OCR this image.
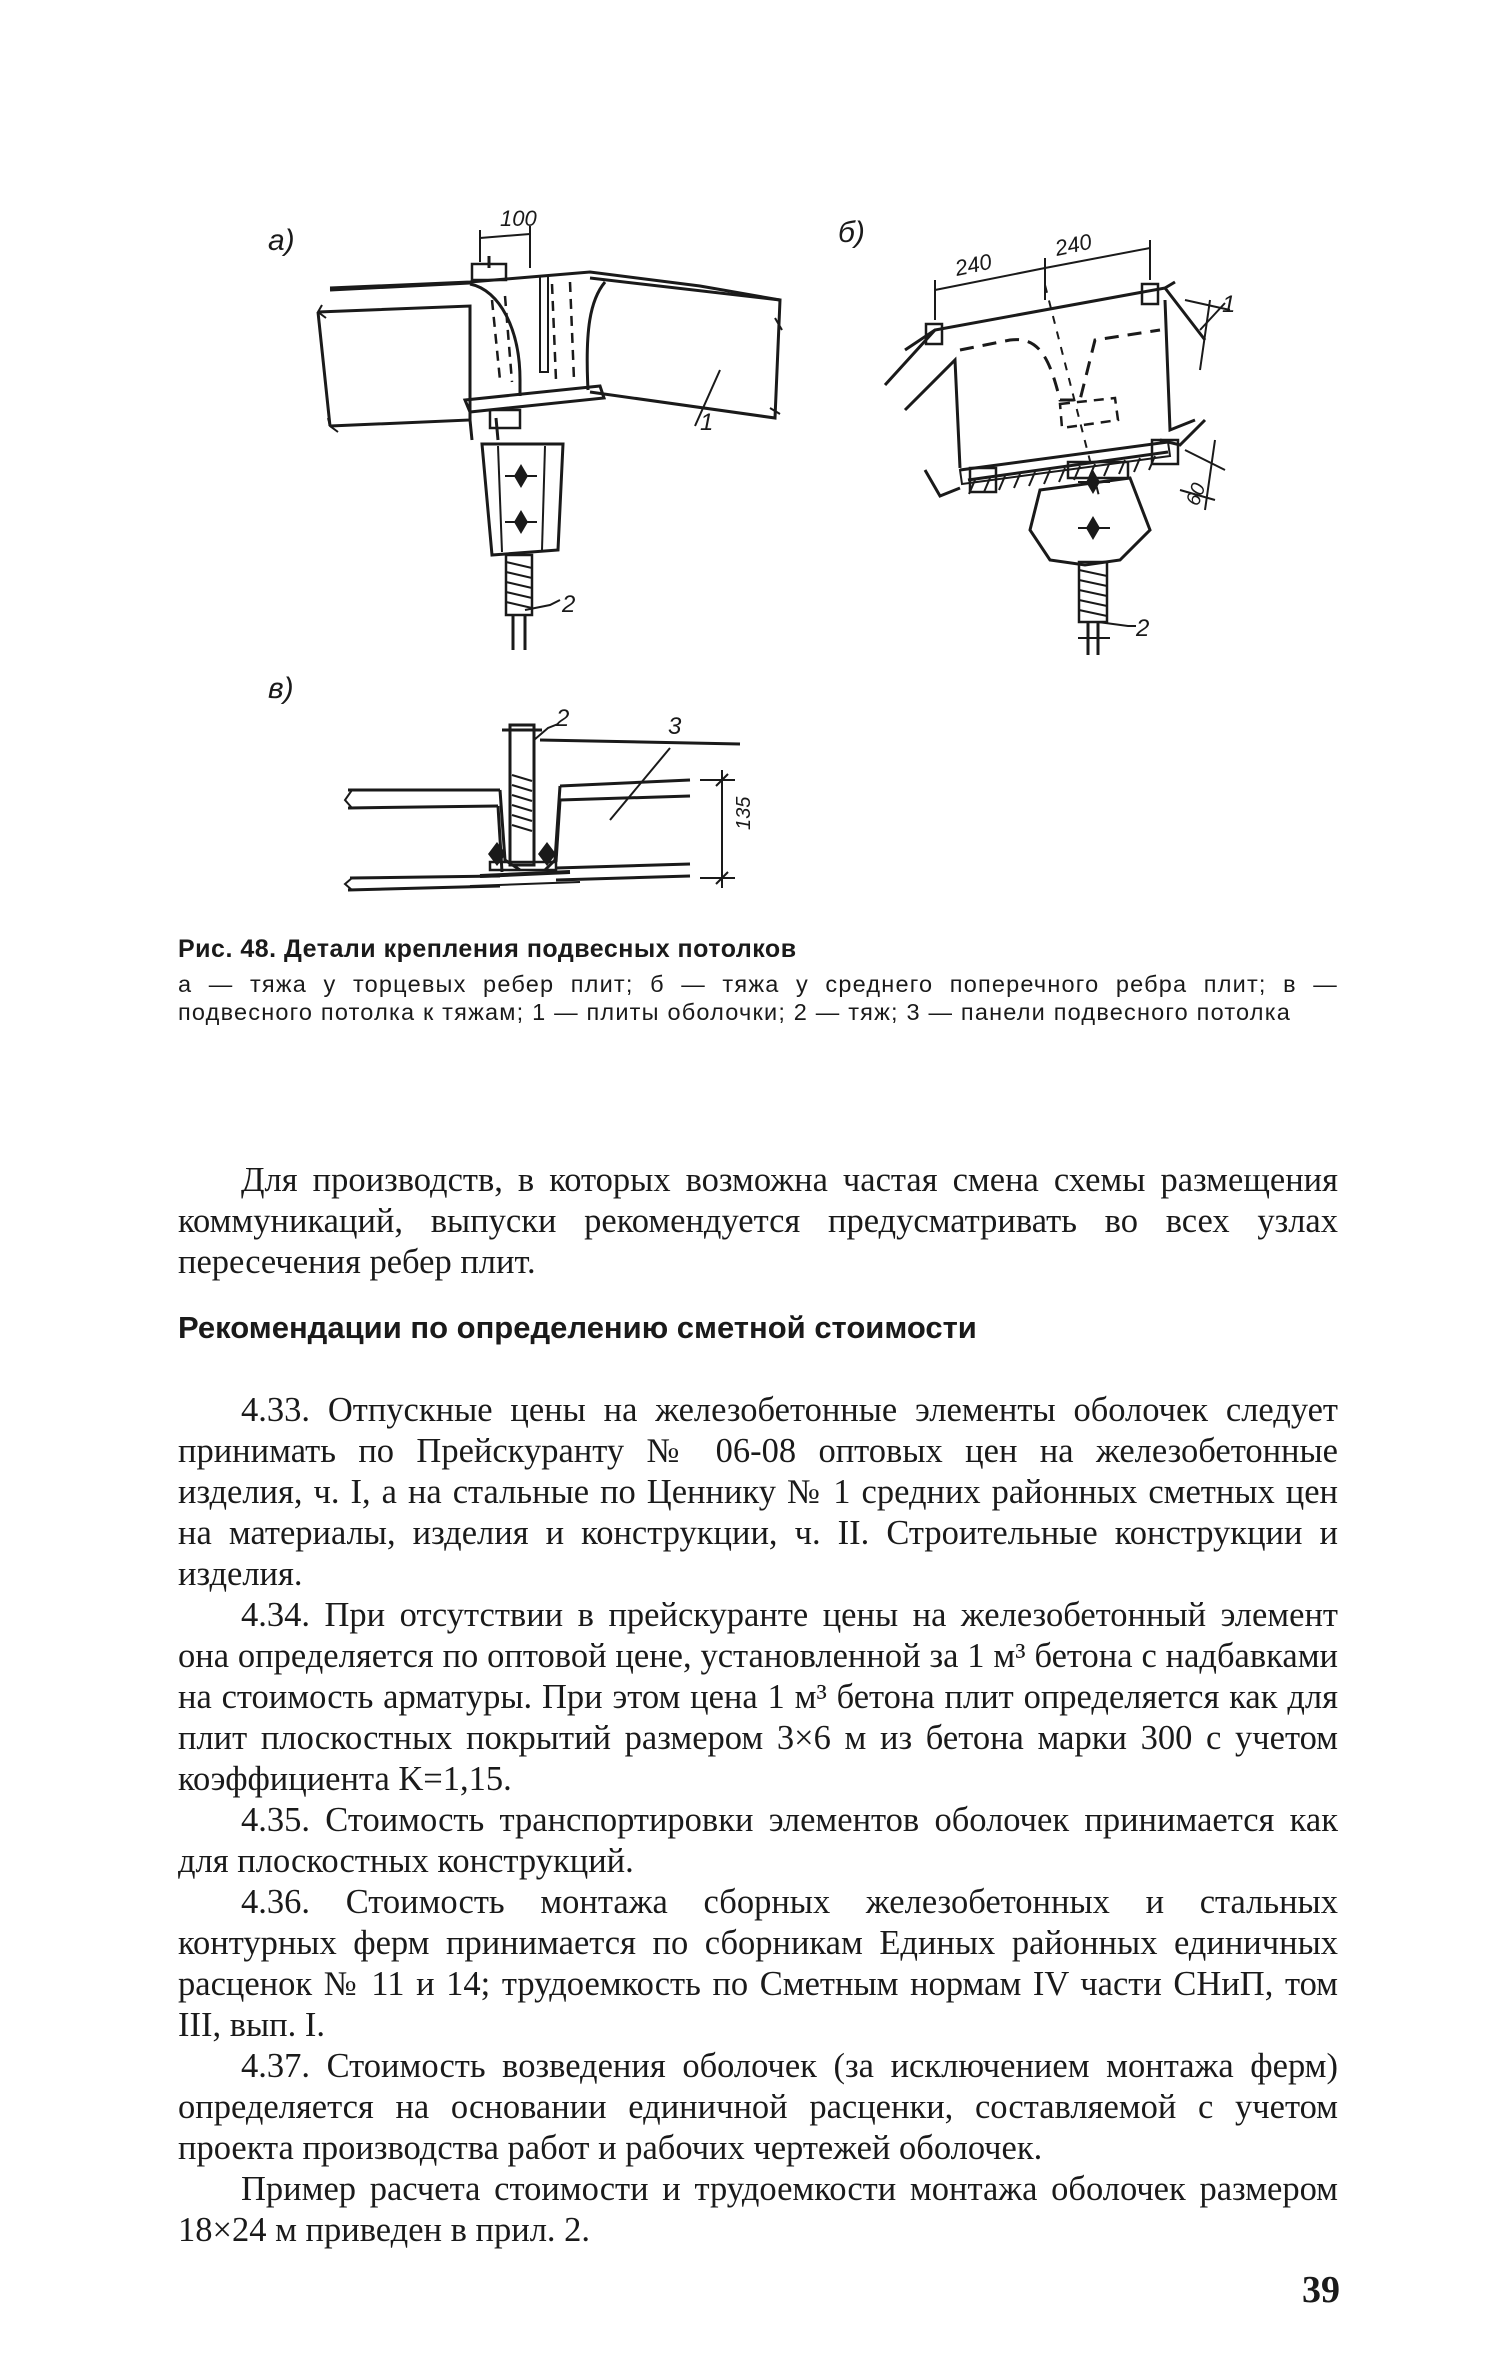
а)
100
1
2
б)
240
240
1
60
2
в)
2	3
135

Рис. 48. Детали крепления подвесных потолков

а — тяжа у торцевых ребер плит; б — тяжа у среднего поперечного ребра плит; в — подвесного потолка к тяжам; 1 — плиты оболочки; 2 — тяж; 3 — панели подвесного потолка

Для производств, в которых возможна частая смена схемы размещения коммуникаций, выпуски рекомендуется предусматривать во всех узлах пересечения ребер плит.

Рекомендации по определению сметной стоимости

4.33. Отпускные цены на железобетонные элементы оболочек следует принимать по Прейскуранту № 06-08 оптовых цен на железобетонные изделия, ч. I, а на стальные по Ценнику № 1 средних районных сметных цен на материалы, изделия и конструкции, ч. II. Строительные конструкции и изделия.

4.34. При отсутствии в прейскуранте цены на железобетонный элемент она определяется по оптовой цене, установленной за 1 м³ бетона с надбавками на стоимость арматуры. При этом цена 1 м³ бетона плит определяется как для плит плоскостных покрытий размером 3×6 м из бетона марки 300 с учетом коэффициента K=1,15.

4.35. Стоимость транспортировки элементов оболочек принимается как для плоскостных конструкций.

4.36. Стоимость монтажа сборных железобетонных и стальных контурных ферм принимается по сборникам Единых районных единичных расценок № 11 и 14; трудоемкость по Сметным нормам IV части СНиП, том III, вып. I.

4.37. Стоимость возведения оболочек (за исключением монтажа ферм) определяется на основании единичной расценки, составляемой с учетом проекта производства работ и рабочих чертежей оболочек.

Пример расчета стоимости и трудоемкости монтажа оболочек размером 18×24 м приведен в прил. 2.

39
